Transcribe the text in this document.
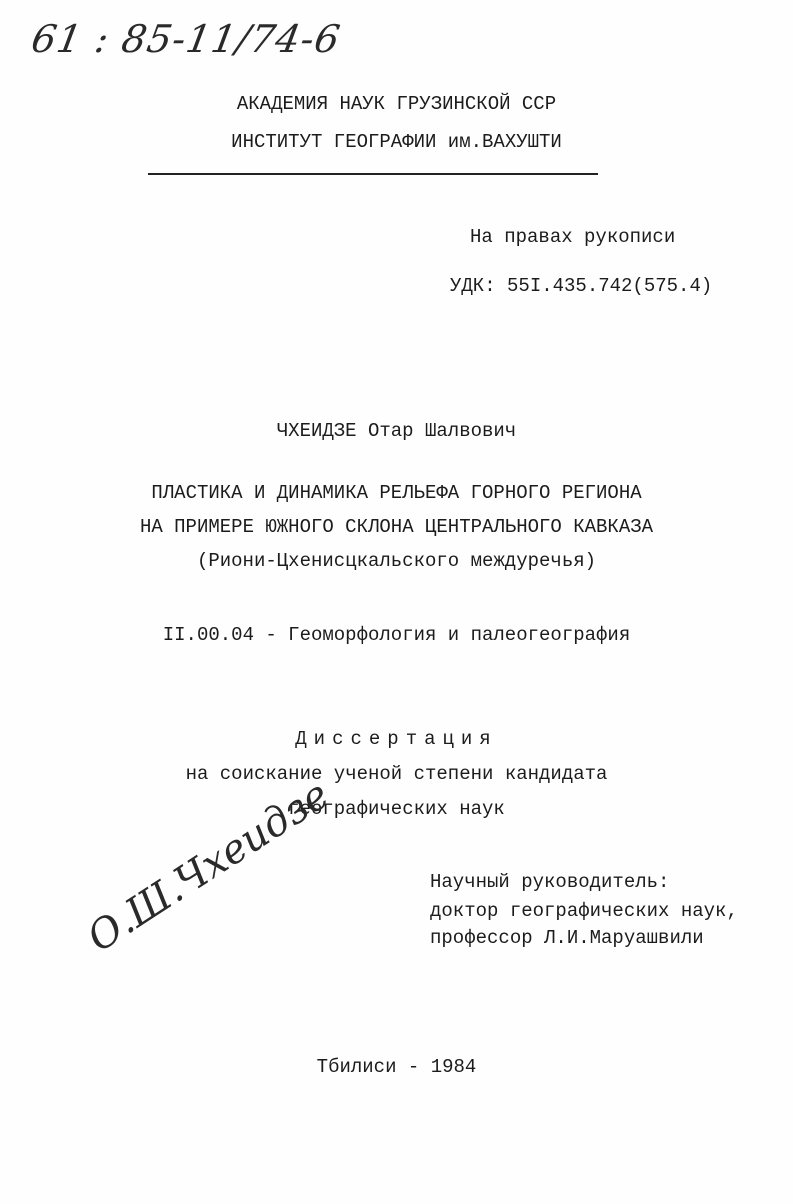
61 : 85-11/74-6

АКАДЕМИЯ НАУК ГРУЗИНСКОЙ ССР

ИНСТИТУТ ГЕОГРАФИИ им.ВАХУШТИ

На правах рукописи

УДК: 55I.435.742(575.4)

ЧХЕИДЗЕ Отар Шалвович

ПЛАСТИКА И ДИНАМИКА РЕЛЬЕФА ГОРНОГО РЕГИОНА

НА ПРИМЕРЕ ЮЖНОГО СКЛОНА ЦЕНТРАЛЬНОГО КАВКАЗА

(Риони-Цхенисцкальского междуречья)

II.00.04 - Геоморфология и палеогеография

Диссертация

на соискание ученой степени кандидата

географических наук

Научный руководитель:

доктор географических наук,

профессор Л.И.Маруашвили

О.Ш.Чхеидзе

Тбилиси - 1984
